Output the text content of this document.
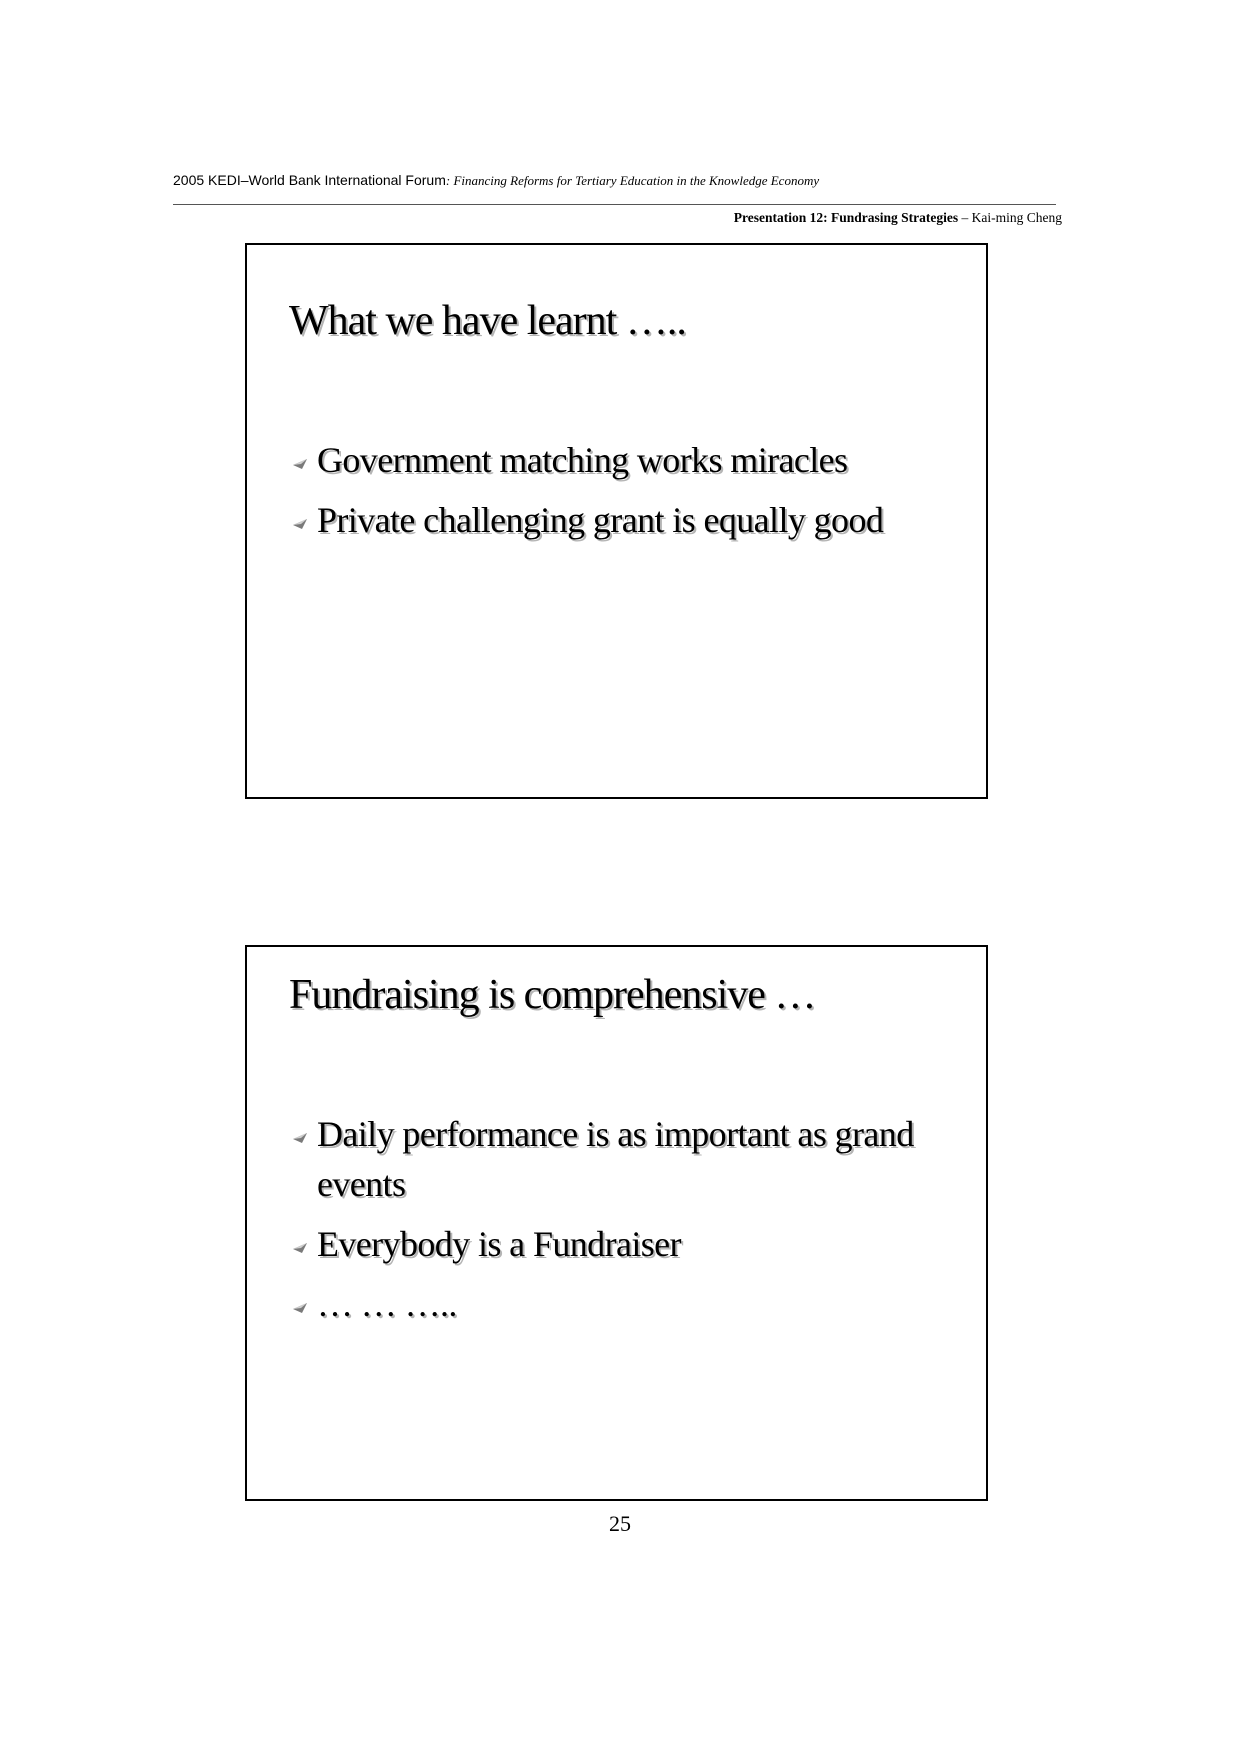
2005 KEDI–World Bank International Forum: Financing Reforms for Tertiary Education in the Knowledge Economy
Presentation 12: Fundrasing Strategies – Kai-ming Cheng
What we have learnt …..
Government matching works miracles
Private challenging grant is equally good
Fundraising is comprehensive …
Daily performance is as important as grand events
Everybody is a Fundraiser
… … …..
25
